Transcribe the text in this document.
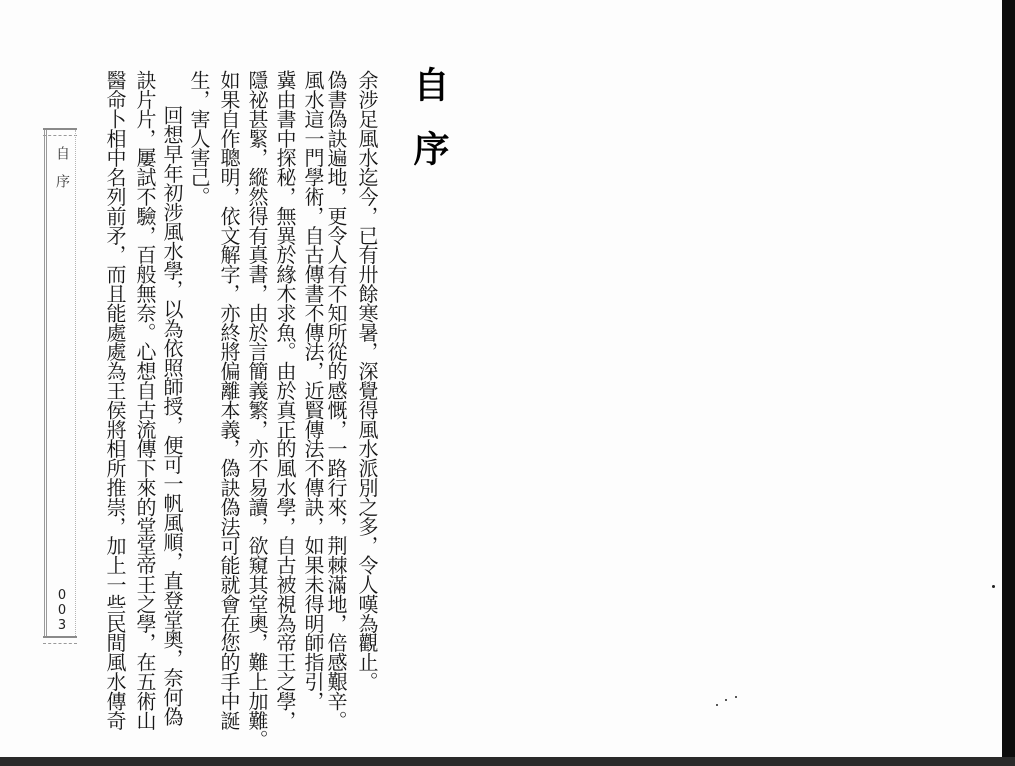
自序
003
自序
余涉足風水迄今，已有卅餘寒暑，深覺得風水派別之多，令人嘆為觀止。
偽書偽訣遍地，更令人有不知所從的感慨，一路行來，荆棘滿地，倍感艱辛。
風水這一門學術，自古傳書不傳法，近賢傳法不傳訣，如果未得明師指引，
冀由書中探秘，無異於緣木求魚。由於真正的風水學，自古被視為帝王之學，
隱祕甚緊，縱然得有真書，由於言簡義繁，亦不易讀，欲窺其堂奧，難上加難。
如果自作聰明，依文解字，亦終將偏離本義，偽訣偽法可能就會在您的手中誕
生，害人害己。
回想早年初涉風水學，以為依照師授，便可一帆風順，直登堂奧，奈何偽
訣片片，屢試不驗，百般無奈。心想自古流傳下來的堂堂帝王之學，在五術山
醫命卜相中名列前矛，而且能處處為王侯將相所推崇，加上一些民間風水傳奇
